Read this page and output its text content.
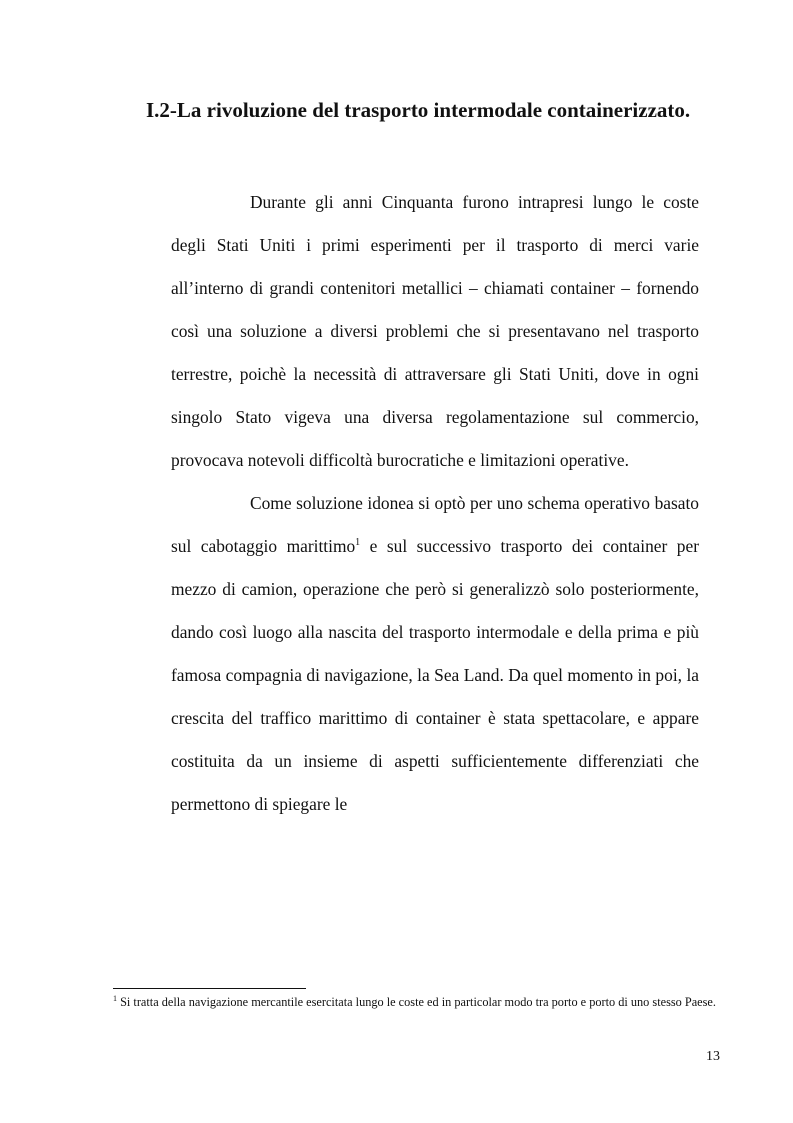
I.2-La rivoluzione del trasporto intermodale containerizzato.

Durante gli anni Cinquanta furono intrapresi lungo le coste degli Stati Uniti i primi esperimenti per il trasporto di merci varie all’interno di grandi contenitori metallici – chiamati container – fornendo così una soluzione a diversi problemi che si presentavano nel trasporto terrestre, poichè la necessità di attraversare gli Stati Uniti, dove in ogni singolo Stato vigeva una diversa regolamentazione sul commercio, provocava notevoli difficoltà burocratiche e limitazioni operative.

Come soluzione idonea si optò per uno schema operativo basato sul cabotaggio marittimo$^1$ e sul successivo trasporto dei container per mezzo di camion, operazione che però si generalizzò solo posteriormente, dando così luogo alla nascita del trasporto intermodale e della prima e più famosa compagnia di navigazione, la Sea Land. Da quel momento in poi, la crescita del traffico marittimo di container è stata spettacolare, e appare costituita da un insieme di aspetti sufficientemente differenziati che permettono di spiegare le

$^1$ Si tratta della navigazione mercantile esercitata lungo le coste ed in particolar modo tra porto e porto di uno stesso Paese.

13
